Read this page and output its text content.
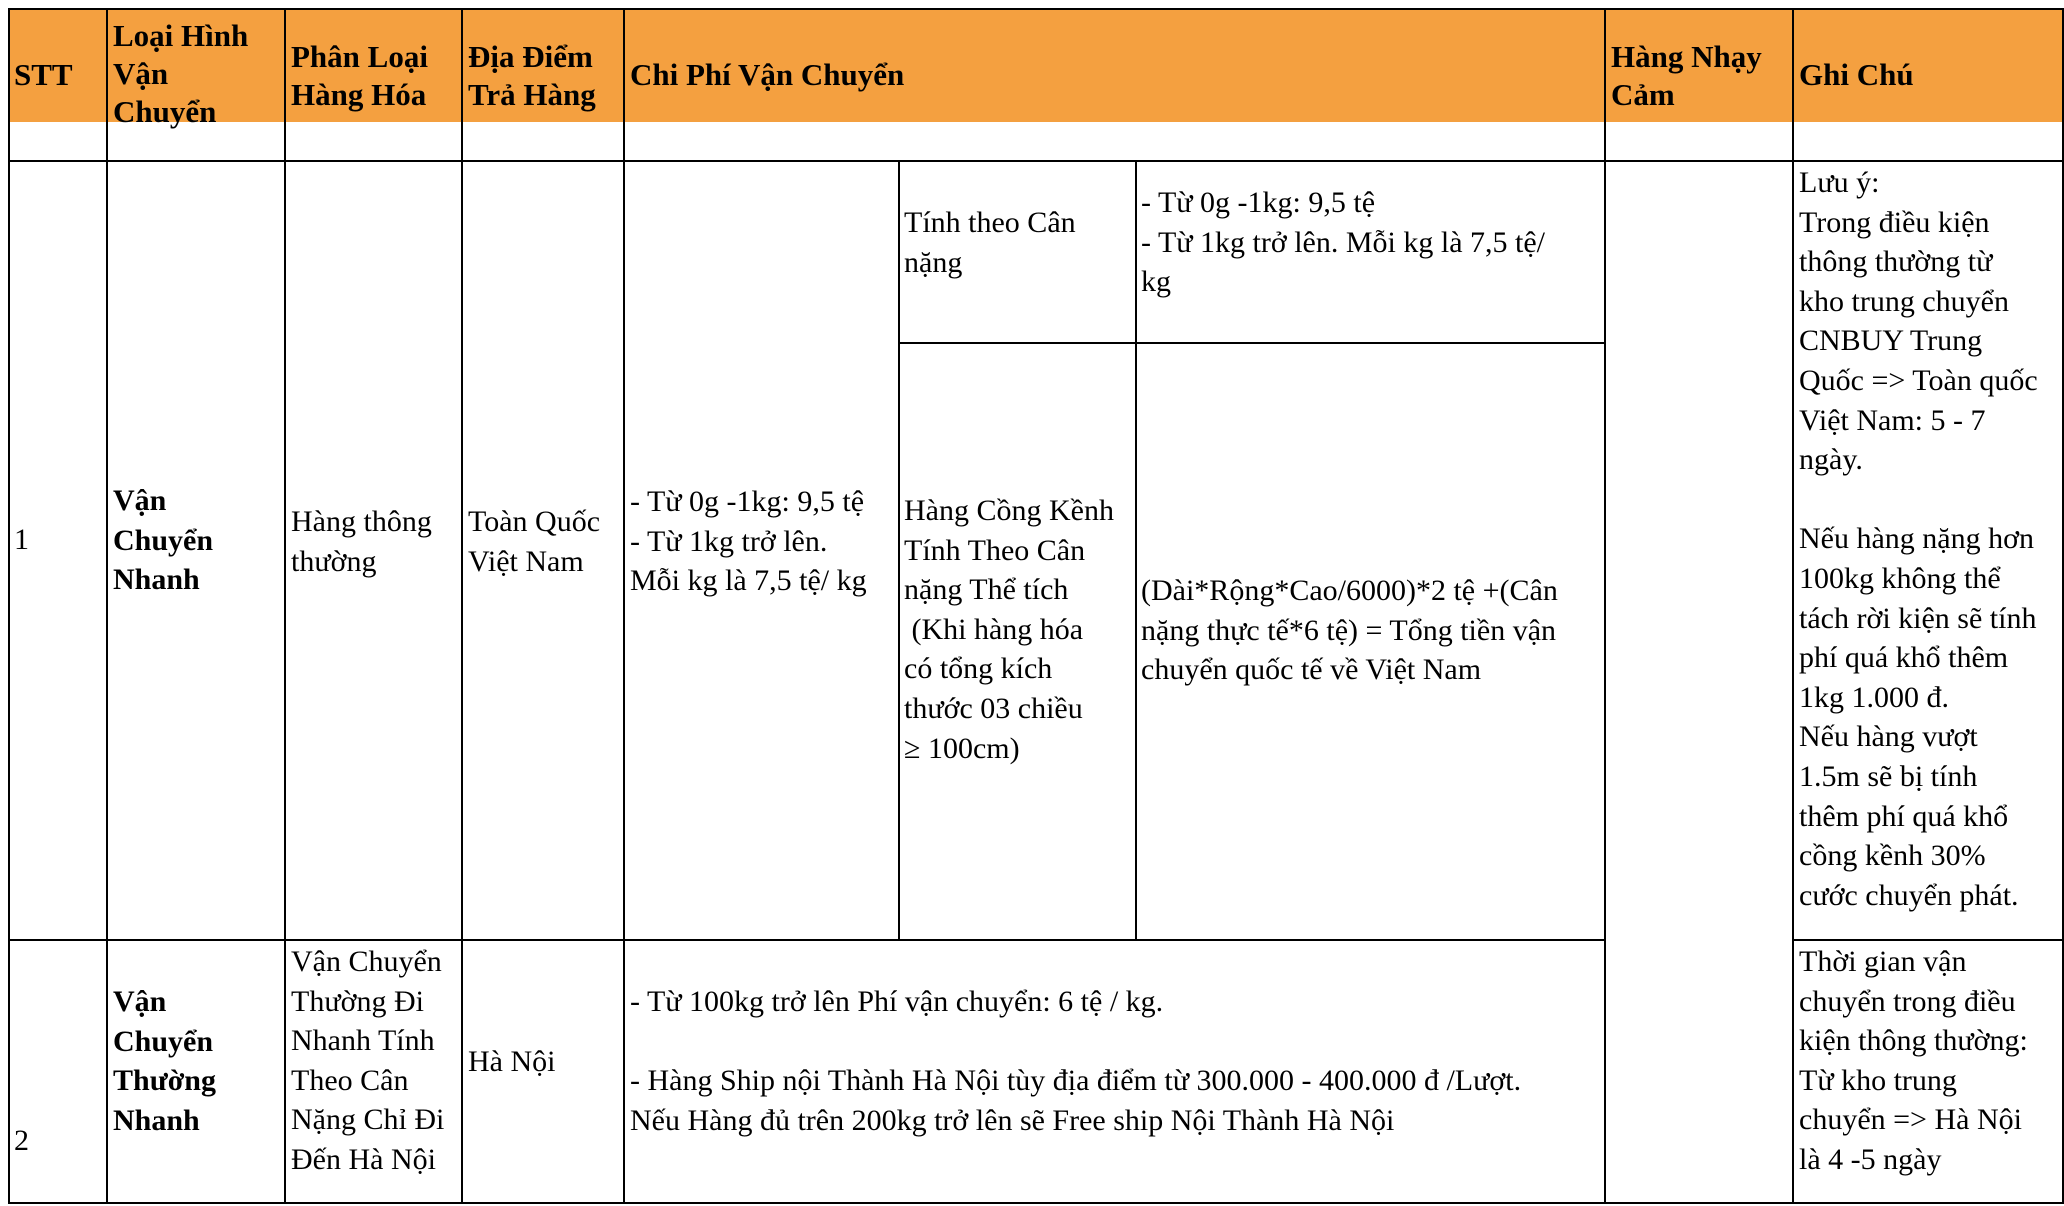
STT
Loại Hình
Vận
Chuyển
Phân Loại
Hàng Hóa
Địa Điểm
Trả Hàng
Chi Phí Vận Chuyển
Hàng Nhạy
Cảm
Ghi Chú
1
Vận
Chuyển
Nhanh
Hàng thông
thường
Toàn Quốc
Việt Nam
- Từ 0g -1kg: 9,5 tệ
- Từ 1kg trở lên.
Mỗi kg là 7,5 tệ/ kg
Tính theo Cân
nặng
- Từ 0g -1kg: 9,5 tệ
- Từ 1kg trở lên. Mỗi kg là 7,5 tệ/
kg
Hàng Cồng Kềnh
Tính Theo Cân
nặng Thể tích
(Khi hàng hóa
có tổng kích
thước 03 chiều
≥ 100cm)
(Dài*Rộng*Cao/6000)*2 tệ +(Cân
nặng thực tế*6 tệ) = Tổng tiền vận
chuyển quốc tế về Việt Nam
Lưu ý:
Trong điều kiện
thông thường từ
kho trung chuyển
CNBUY Trung
Quốc => Toàn quốc
Việt Nam: 5 - 7
ngày.
Nếu hàng nặng hơn
100kg không thể
tách rời kiện sẽ tính
phí quá khổ thêm
1kg 1.000 đ.
Nếu hàng vượt
1.5m sẽ bị tính
thêm phí quá khổ
cồng kềnh 30%
cước chuyển phát.
2
Vận
Chuyển
Thường
Nhanh
Vận Chuyển
Thường Đi
Nhanh Tính
Theo Cân
Nặng Chỉ Đi
Đến Hà Nội
Hà Nội
- Từ 100kg trở lên Phí vận chuyển: 6 tệ / kg.
- Hàng Ship nội Thành Hà Nội tùy địa điểm từ 300.000 - 400.000 đ /Lượt.
Nếu Hàng đủ trên 200kg trở lên sẽ Free ship Nội Thành Hà Nội
Thời gian vận
chuyển trong điều
kiện thông thường:
Từ kho trung
chuyển => Hà Nội
là 4 -5 ngày
